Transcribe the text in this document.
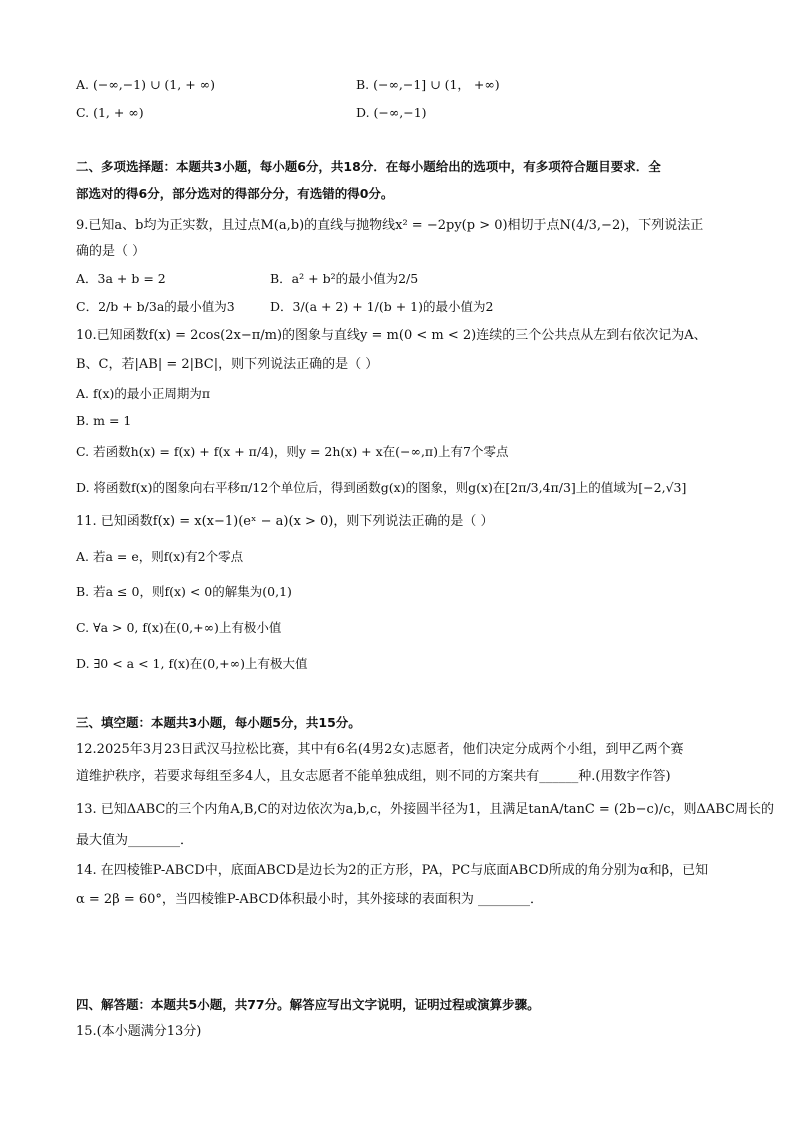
A. (−∞,−1) ∪ (1, + ∞)	B. (−∞,−1] ∪ (1， +∞)
C. (1, + ∞)	D. (−∞,−1)
二、多项选择题：本题共3小题，每小题6分，共18分．在每小题给出的选项中，有多项符合题目要求．全
部选对的得6分，部分选对的得部分分，有选错的得0分。
9.已知a、b均为正实数，且过点M(a,b)的直线与抛物线x² = −2py(p > 0)相切于点N(4/3,−2)，下列说法正
确的是（ ）
A．3a + b = 2	B．a² + b²的最小值为2/5
C．2/b + b/3a的最小值为3	D．3/(a + 2) + 1/(b + 1)的最小值为2
10.已知函数f(x) = 2cos(2x−π/m)的图象与直线y = m(0 < m < 2)连续的三个公共点从左到右依次记为A、
B、C，若|AB| = 2|BC|，则下列说法正确的是（ ）
A. f(x)的最小正周期为π
B. m = 1
C. 若函数h(x) = f(x) + f(x + π/4)，则y = 2h(x) + x在(−∞,π)上有7个零点
D. 将函数f(x)的图象向右平移π/12个单位后，得到函数g(x)的图象，则g(x)在[2π/3,4π/3]上的值域为[−2,√3]
11. 已知函数f(x) = x(x−1)(eˣ − a)(x > 0)，则下列说法正确的是（ ）
A. 若a = e，则f(x)有2个零点
B. 若a ≤ 0，则f(x) < 0的解集为(0,1)
C. ∀a > 0, f(x)在(0,+∞)上有极小值
D. ∃0 < a < 1, f(x)在(0,+∞)上有极大值
三、填空题：本题共3小题，每小题5分，共15分。
12.2025年3月23日武汉马拉松比赛，其中有6名(4男2女)志愿者，他们决定分成两个小组，到甲乙两个赛
道维护秩序，若要求每组至多4人，且女志愿者不能单独成组，则不同的方案共有______种.(用数字作答)
13. 已知ΔABC的三个内角A,B,C的对边依次为a,b,c，外接圆半径为1，且满足tanA/tanC = (2b−c)/c，则ΔABC周长的
最大值为________．
14. 在四棱锥P-ABCD中，底面ABCD是边长为2的正方形，PA，PC与底面ABCD所成的角分别为α和β，已知
α = 2β = 60°，当四棱锥P-ABCD体积最小时，其外接球的表面积为 ________．
四、解答题：本题共5小题，共77分。解答应写出文字说明，证明过程或演算步骤。
15.(本小题满分13分)
